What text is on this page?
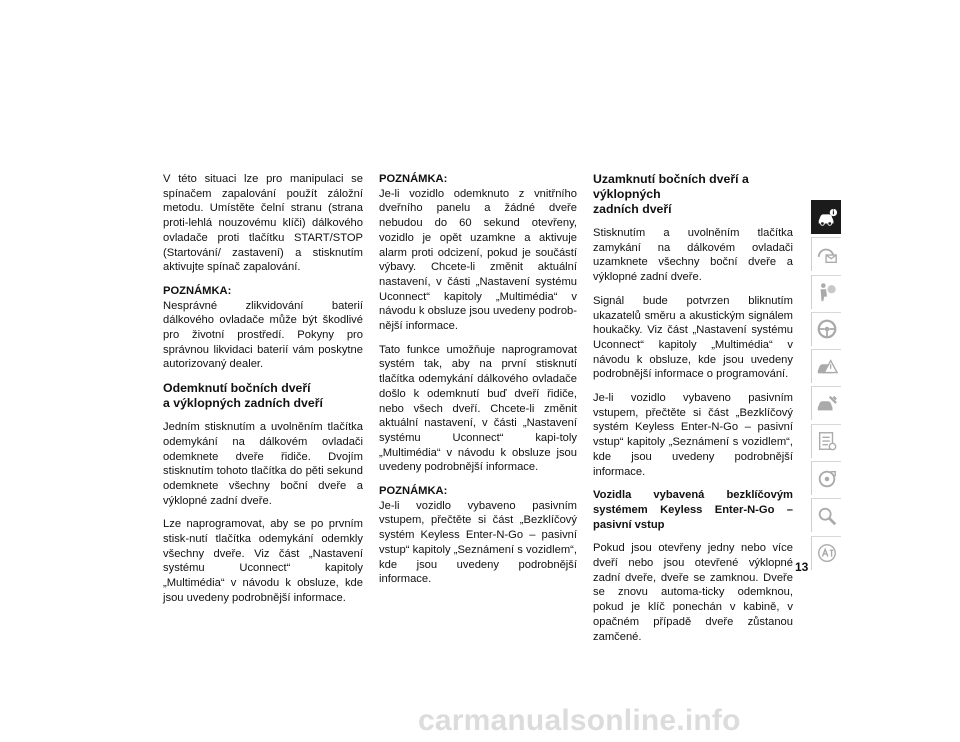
V této situaci lze pro manipulaci se spínačem zapalování použít záložní metodu. Umístěte čelní stranu (strana proti-lehlá nouzovému klíči) dálkového ovladače proti tlačítku START/STOP (Startování/ zastavení) a stisknutím aktivujte spínač zapalování.

POZNÁMKA:

Nesprávné zlikvidování baterií dálkového ovladače může být škodlivé pro životní prostředí. Pokyny pro správnou likvidaci baterií vám poskytne autorizovaný dealer.

Odemknutí bočních dveří
a výklopných zadních dveří

Jedním stisknutím a uvolněním tlačítka odemykání na dálkovém ovladači odemknete dveře řidiče. Dvojím stisknutím tohoto tlačítka do pěti sekund odemknete všechny boční dveře a výklopné zadní dveře.

Lze naprogramovat, aby se po prvním stisk-nutí tlačítka odemykání odemkly všechny dveře. Viz část „Nastavení systému Uconnect“ kapitoly „Multimédia“ v návodu k obsluze, kde jsou uvedeny podrobnější informace.

POZNÁMKA:

Je-li vozidlo odemknuto z vnitřního dveřního panelu a žádné dveře nebudou do 60 sekund otevřeny, vozidlo je opět uzamkne a aktivuje alarm proti odcizení, pokud je součástí výbavy. Chcete-li změnit aktuální nastavení, v části „Nastavení systému Uconnect“ kapitoly „Multimédia“ v návodu k obsluze jsou uvedeny podrob-nější informace.

Tato funkce umožňuje naprogramovat systém tak, aby na první stisknutí tlačítka odemykání dálkového ovladače došlo k odemknutí buď dveří řidiče, nebo všech dveří. Chcete-li změnit aktuální nastavení, v části „Nastavení systému Uconnect“ kapi-toly „Multimédia“ v návodu k obsluze jsou uvedeny podrobnější informace.

POZNÁMKA:

Je-li vozidlo vybaveno pasivním vstupem, přečtěte si část „Bezklíčový systém Keyless Enter-N-Go – pasivní vstup“ kapitoly „Seznámení s vozidlem“, kde jsou uvedeny podrobnější informace.

Uzamknutí bočních dveří a výklopných
zadních dveří

Stisknutím a uvolněním tlačítka zamykání na dálkovém ovladači uzamknete všechny boční dveře a výklopné zadní dveře.

Signál bude potvrzen bliknutím ukazatelů směru a akustickým signálem houkačky. Viz část „Nastavení systému Uconnect“ kapitoly „Multimédia“ v návodu k obsluze, kde jsou uvedeny podrobnější informace o programování.

Je-li vozidlo vybaveno pasivním vstupem, přečtěte si část „Bezklíčový systém Keyless Enter-N-Go – pasivní vstup“ kapitoly „Seznámení s vozidlem“, kde jsou uvedeny podrobnější informace.

Vozidla vybavená bezklíčovým systémem Keyless Enter-N-Go – pasivní vstup

Pokud jsou otevřeny jedny nebo více dveří nebo jsou otevřené výklopné zadní dveře, dveře se zamknou. Dveře se znovu automa-ticky odemknou, pokud je klíč ponechán v kabině, v opačném případě dveře zůstanou zamčené.

13
carmanualsonline.info
